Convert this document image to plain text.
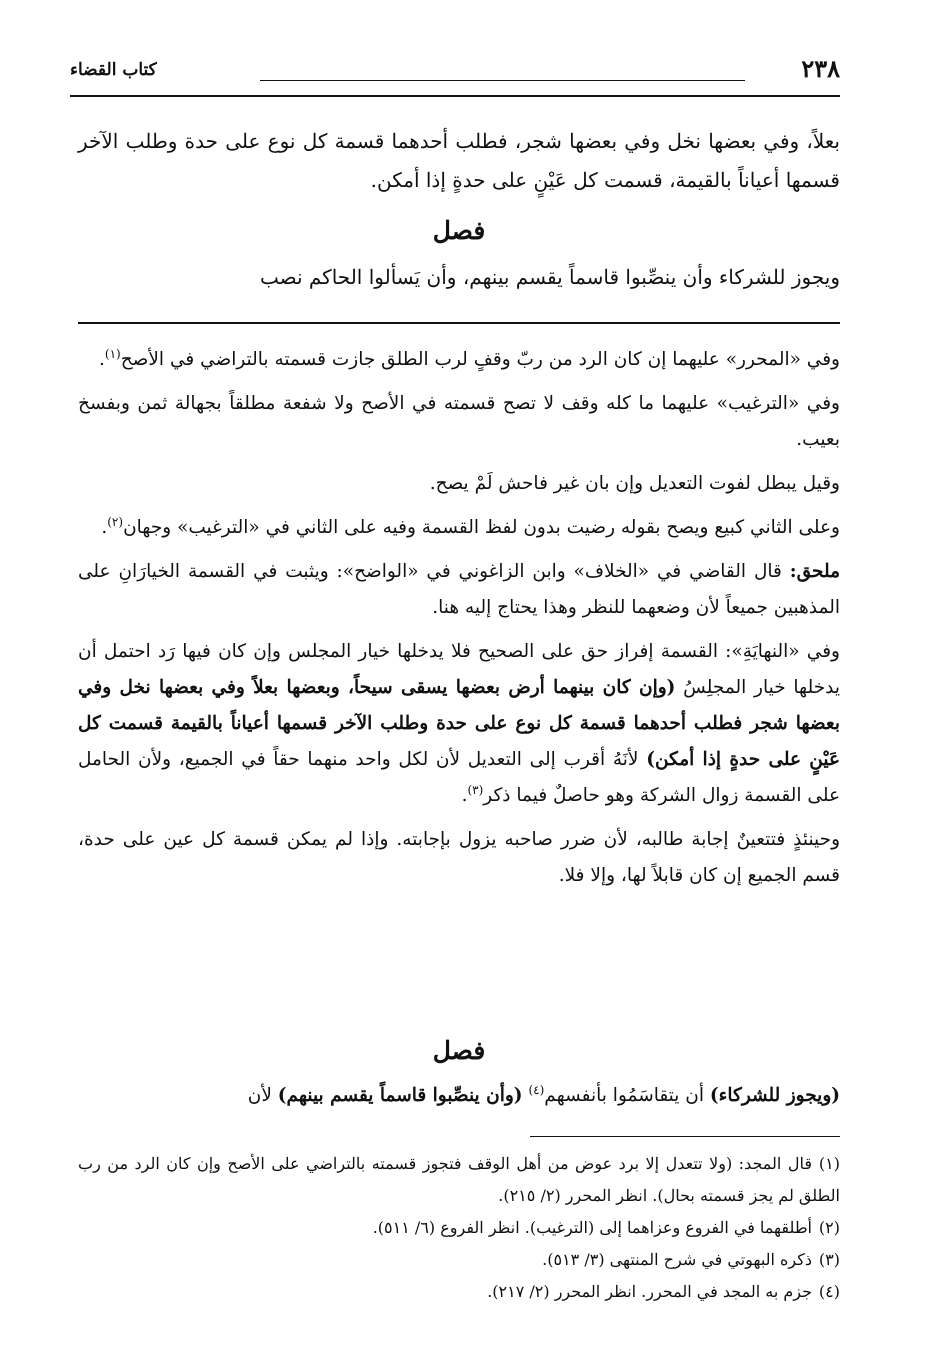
٢٣٨
كتاب القضاء

بعلاً، وفي بعضها نخل وفي بعضها شجر، فطلب أحدهما قسمة كل نوع على حدة وطلب الآخر قسمها أعياناً بالقيمة، قسمت كل عَيْنٍ على حدةٍ إذا أمكن.

فصل

ويجوز للشركاء وأن ينصِّبوا قاسماً يقسم بينهم، وأن يَسألوا الحاكم نصب

وفي «المحرر» عليهما إن كان الرد من ربّ وقفٍ لرب الطلق جازت قسمته بالتراضي في الأصح$^{(١)}$.

وفي «الترغيب» عليهما ما كله وقف لا تصح قسمته في الأصح ولا شفعة مطلقاً بجهالة ثمن وبفسخ بعيب.

وقيل يبطل لفوت التعديل وإن بان غير فاحش لَمْ يصح.

وعلى الثاني كبيع ويصح بقوله رضيت بدون لفظ القسمة وفيه على الثاني في «الترغيب» وجهان$^{(٢)}$.

ملحق: قال القاضي في «الخلاف» وابن الزاغوني في «الواضح»: ويثبت في القسمة الخيارَانِ على المذهبين جميعاً لأن وضعهما للنظر وهذا يحتاج إليه هنا.

وفي «النهايَةِ»: القسمة إفراز حق على الصحيح فلا يدخلها خيار المجلس وإن كان فيها رَد احتمل أن يدخلها خيار المجلِسُ (وإن كان بينهما أرض بعضها يسقى سيحاً، وبعضها بعلاً وفي بعضها نخل وفي بعضها شجر فطلب أحدهما قسمة كل نوع على حدة وطلب الآخر قسمها أعياناً بالقيمة قسمت كل عَيْنٍ على حدةٍ إذا أمكن) لأنَهُ أقرب إلى التعديل لأن لكل واحد منهما حقاً في الجميع، ولأن الحامل على القسمة زوال الشركة وهو حاصلٌ فيما ذكر$^{(٣)}$.

وحينئذٍ فتتعينٌ إجابة طالبه، لأن ضرر صاحبه يزول بإجابته. وإذا لم يمكن قسمة كل عين على حدة، قسم الجميع إن كان قابلاً لها، وإلا فلا.

فصل

(ويجوز للشركاء) أن يتقاسَمُوا بأنفسهم$^{(٤)}$ (وأن ينصِّبوا قاسماً يقسم بينهم) لأن

(١)قال المجد: (ولا تتعدل إلا برد عوض من أهل الوقف فتجوز قسمته بالتراضي على الأصح وإن كان الرد من رب الطلق لم يجز قسمته بحال). انظر المحرر (٢/ ٢١٥).

(٢)أطلقهما في الفروع وعزاهما إلى (الترغيب). انظر الفروع (٦/ ٥١١).

(٣)ذكره البهوتي في شرح المنتهى (٣/ ٥١٣).

(٤)جزم به المجد في المحرر. انظر المحرر (٢/ ٢١٧).
